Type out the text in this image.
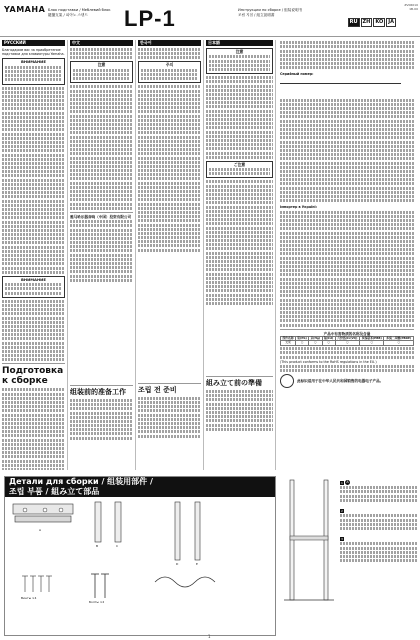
YAMAHA Блок подставки / Меблевий блок
鍵盤支架 / 피아노 스탠드	LP-1	Инструкции по сборке / 组装说明书
조립 지침 / 組立説明書
ZV06010
1B-00
RU	ZH	KO	JA
РУССКИЙ
Благодарим вас за приобретение подставки для клавиатуры Yamaha.
ВНИМАНИЕ
ВНИМАНИЕ
Подготовка к сборке
中文
注意
雅马哈乐器音响（中国）投资有限公司
组装前的准备工作
한국어
주의
조립 전 준비
日本語
注意
ご注意
組み立て前の準備
Серийный номер:
Імпортер в Україні:
产品中有害物质的名称及含量
部件名称	铅(Pb)	汞(Hg)	镉(Cd)	六价铬(Cr(VI))	多溴联苯(PBB)	多溴二苯醚(PBDE)
支架	○	○	○	○	○	○
(This product conforms to the RoHS regulations in the EU.)
此标识适用于在中华人民共和国销售的电器电子产品。
Детали для сборки / 组装用部件 /
조립 부품 / 組み立て部品
A
B	C
D	E
Винты ×4
Болты ×2
1 A
2
3
1
